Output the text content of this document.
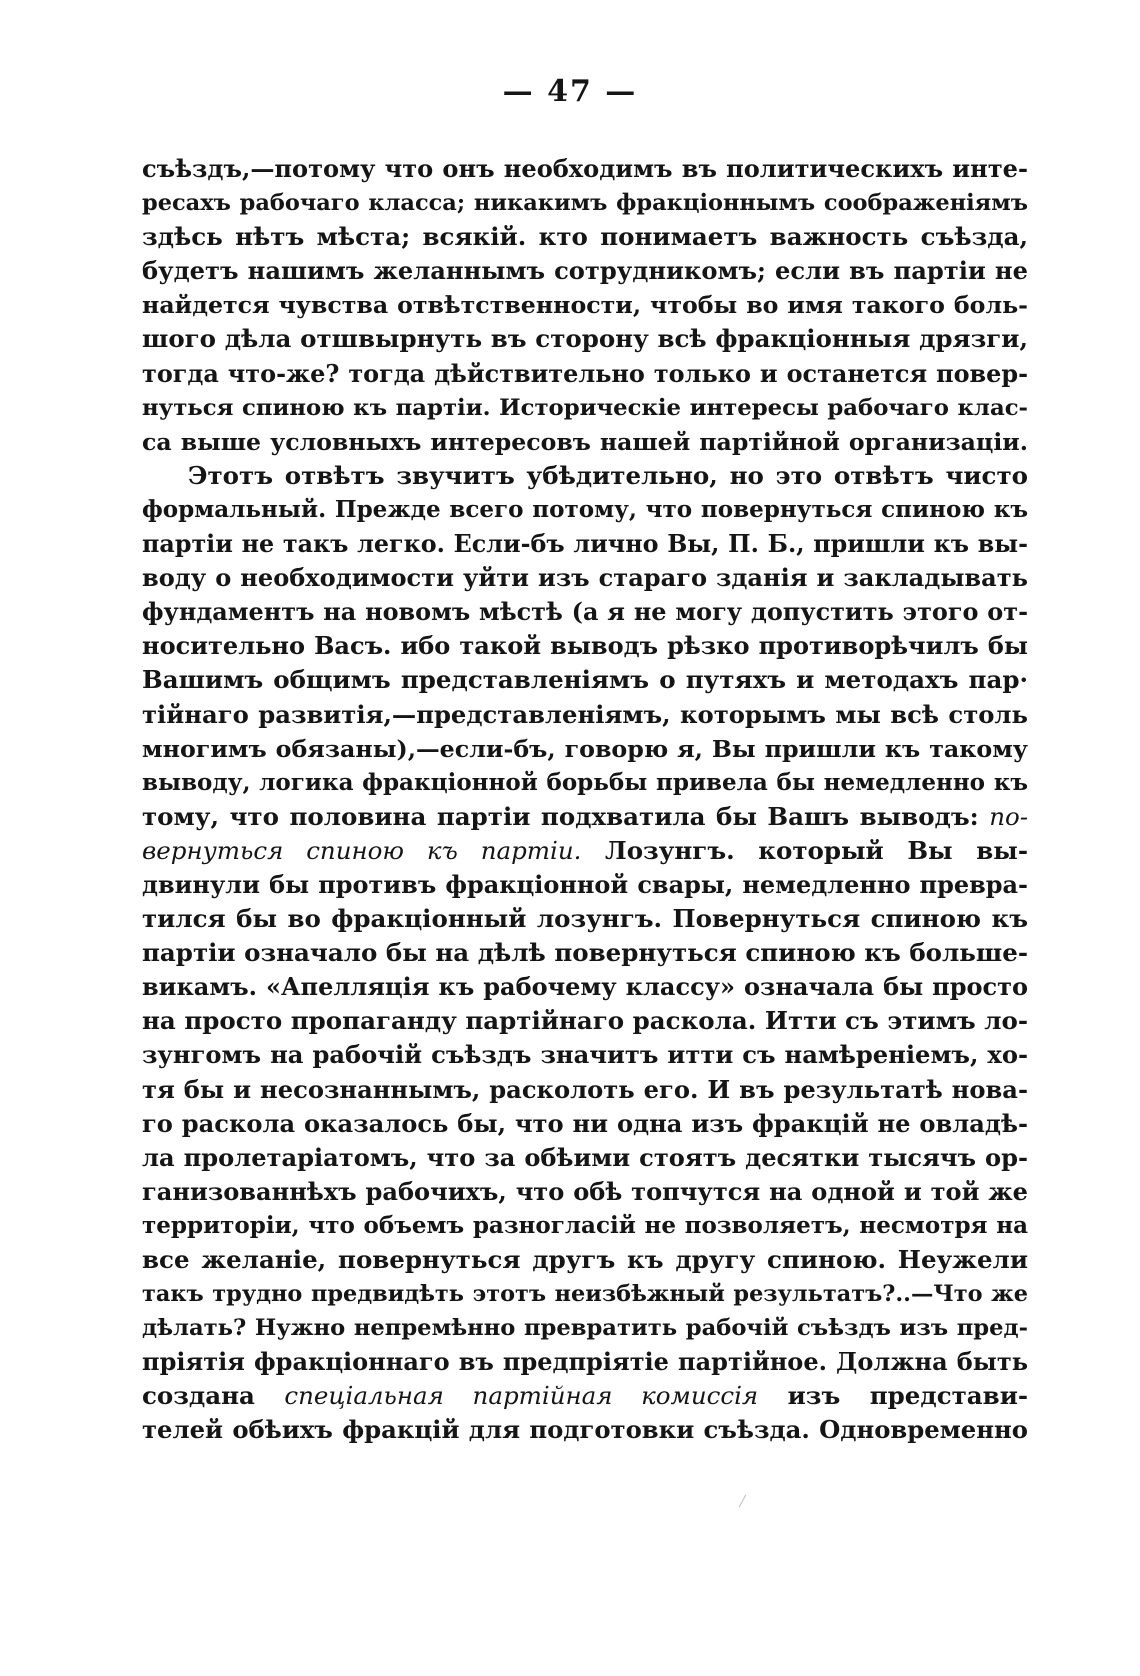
— 47 —
съѣздъ,—потому что онъ необходимъ въ политическихъ инте-
ресахъ рабочаго класса; никакимъ фракціоннымъ соображеніямъ
здѣсь нѣтъ мѣста; всякій. кто понимаетъ важность съѣзда,
будетъ нашимъ желаннымъ сотрудникомъ; если въ партіи не
найдется чувства отвѣтственности, чтобы во имя такого боль-
шого дѣла отшвырнуть въ сторону всѣ фракціонныя дрязги,
тогда что-же? тогда дѣйствительно только и останется повер-
нуться спиною къ партіи. Историческіе интересы рабочаго клас-
са выше условныхъ интересовъ нашей партійной организаціи.
Этотъ отвѣтъ звучитъ убѣдительно, но это отвѣтъ чисто
формальный. Прежде всего потому, что повернуться спиною къ
партіи не такъ легко. Если-бъ лично Вы, П. Б., пришли къ вы-
воду о необходимости уйти изъ стараго зданія и закладывать
фундаментъ на новомъ мѣстѣ (а я не могу допустить этого от-
носительно Васъ. ибо такой выводъ рѣзко противорѣчилъ бы
Вашимъ общимъ представленіямъ о путяхъ и методахъ пар·
тійнаго развитія,—представленіямъ, которымъ мы всѣ столь
многимъ обязаны),—если-бъ, говорю я, Вы пришли къ такому
выводу, логика фракціонной борьбы привела бы немедленно къ
тому, что половина партіи подхватила бы Вашъ выводъ: по-
вернуться спиною къ партіи. Лозунгъ. который Вы вы-
двинули бы противъ фракціонной свары, немедленно превра-
тился бы во фракціонный лозунгъ. Повернуться спиною къ
партіи означало бы на дѣлѣ повернуться спиною къ больше-
викамъ. «Апелляція къ рабочему классу» означала бы просто
на просто пропаганду партійнаго раскола. Итти съ этимъ ло-
зунгомъ на рабочій съѣздъ значитъ итти съ намѣреніемъ, хо-
тя бы и несознаннымъ, расколоть его. И въ результатѣ нова-
го раскола оказалось бы, что ни одна изъ фракцій не овладѣ-
ла пролетаріатомъ, что за обѣими стоятъ десятки тысячъ ор-
ганизованнѣхъ рабочихъ, что обѣ топчутся на одной и той же
территоріи, что объемъ разногласій не позволяетъ, несмотря на
все желаніе, повернуться другъ къ другу спиною. Неужели
такъ трудно предвидѣть этотъ неизбѣжный результатъ?..—Что же
дѣлать? Нужно непремѣнно превратить рабочій съѣздъ изъ пред-
пріятія фракціоннаго въ предпріятіе партійное. Должна быть
создана спеціальная партійная комиссія изъ представи-
телей обѣихъ фракцій для подготовки съѣзда. Одновременно
